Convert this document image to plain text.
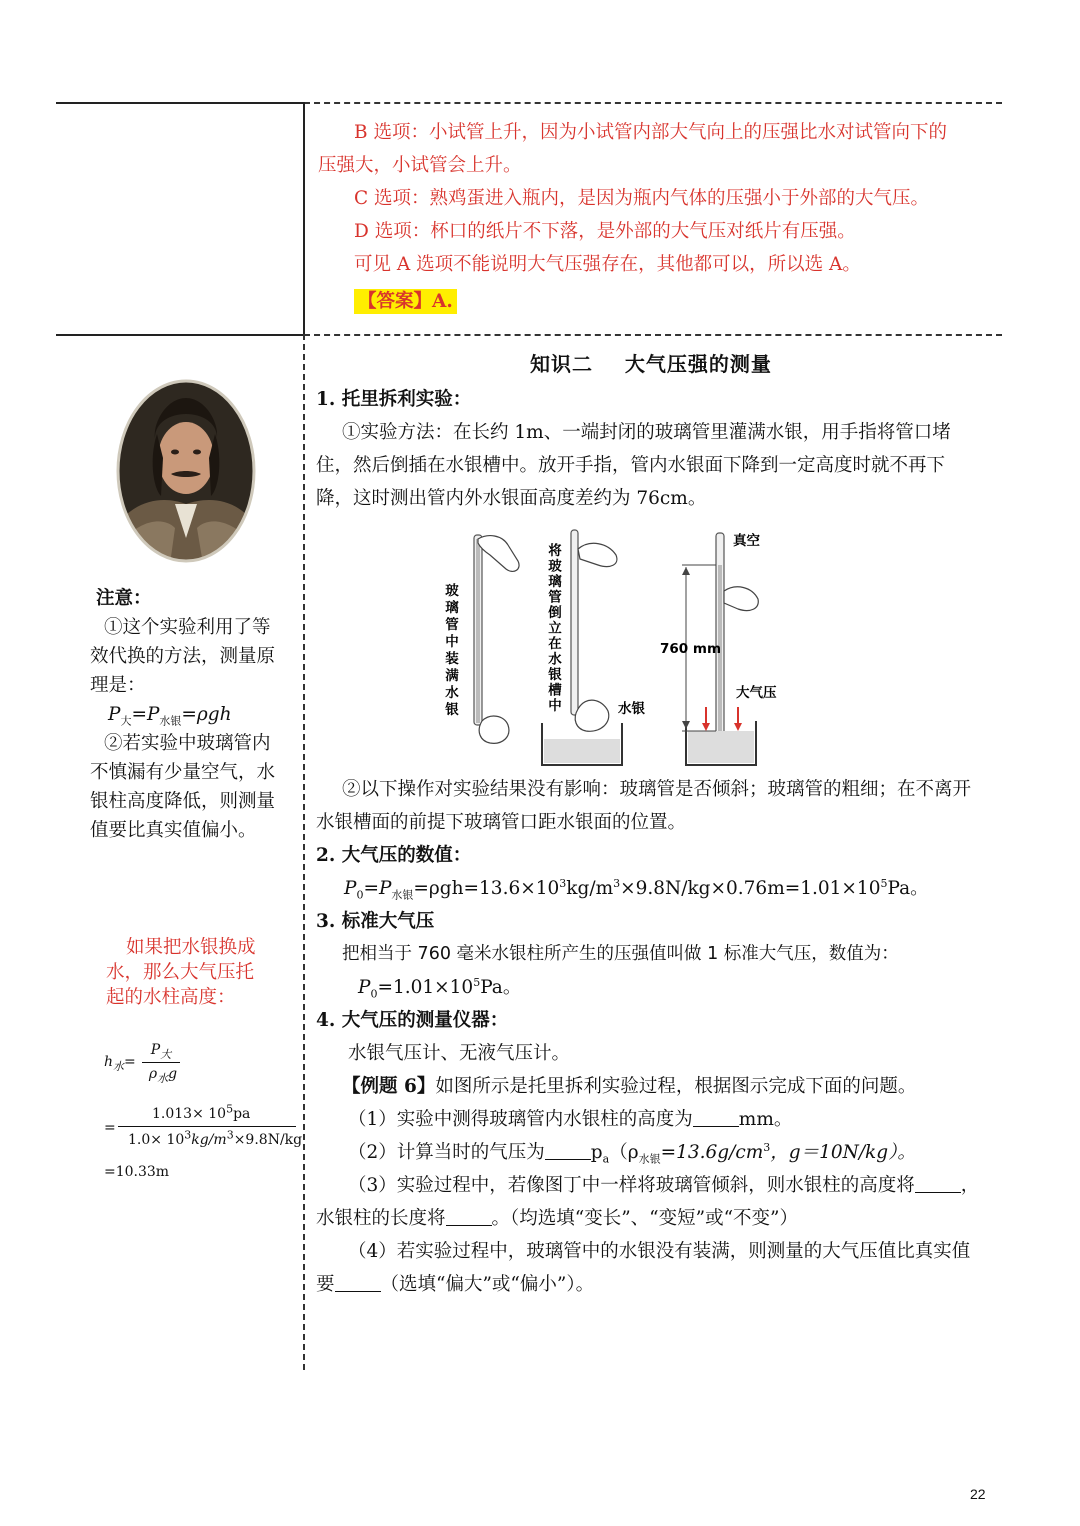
B 选项：小试管上升，因为小试管内部大气向上的压强比水对试管向下的

压强大，小试管会上升。

C 选项：熟鸡蛋进入瓶内，是因为瓶内气体的压强小于外部的大气压。

D 选项：杯口的纸片不下落，是外部的大气压对纸片有压强。

可见 A 选项不能说明大气压强存在，其他都可以，所以选 A。

【答案】A.

知识二    大气压强的测量

1. 托里拆利实验：

①实验方法：在长约 1m、一端封闭的玻璃管里灌满水银，用手指将管口堵

住，然后倒插在水银槽中。放开手指，管内水银面下降到一定高度时就不再下

降，这时测出管内外水银面高度差约为 76cm。

玻璃管中装满水银
将玻璃管倒立在水银槽中	水银
真空
760 mm
大气压

②以下操作对实验结果没有影响：玻璃管是否倾斜；玻璃管的粗细；在不离开

水银槽面的前提下玻璃管口距水银面的位置。

2. 大气压的数值：

$P_0=P_{水银}=\rho gh=13.6\times 10^3kg/m^3\times 9.8N/kg\times 0.76m=1.01\times 10^5Pa$。

3. 标准大气压

把相当于 760 毫米水银柱所产生的压强值叫做 1 标准大气压，数值为：

$P_0=1.01\times 10^5Pa$。

4. 大气压的测量仪器：

水银气压计、无液气压计。

【例题 6】如图所示是托里拆利实验过程，根据图示完成下面的问题。

（1）实验中测得玻璃管内水银柱的高度为 mm。

（2）计算当时的气压为 $p_a(\rho_{水银}=13.6g/cm^3$，g＝10N/kg）。

（3）实验过程中，若像图丁中一样将玻璃管倾斜，则水银柱的高度将 ，

水银柱的长度将 。（均选填“变长”、“变短”或“不变”）

（4）若实验过程中，玻璃管中的水银没有装满，则测量的大气压值比真实值

要 （选填“偏大”或“偏小”）。

注意：

①这个实验利用了等

效代换的方法，测量原

理是：

$P_大=P_{水银}=\rho gh$

②若实验中玻璃管内

不慎漏有少量空气，水

银柱高度降低，则测量

值要比真实值偏小。

如果把水银换成

水，那么大气压托

起的水柱高度：

$h_水=$
$P_大$
$\rho_水g$
=
$1.013\times 10^5pa$
$1.0\times 10^3kg/m^3\times 9.8N/kg$
=10.33m
22
